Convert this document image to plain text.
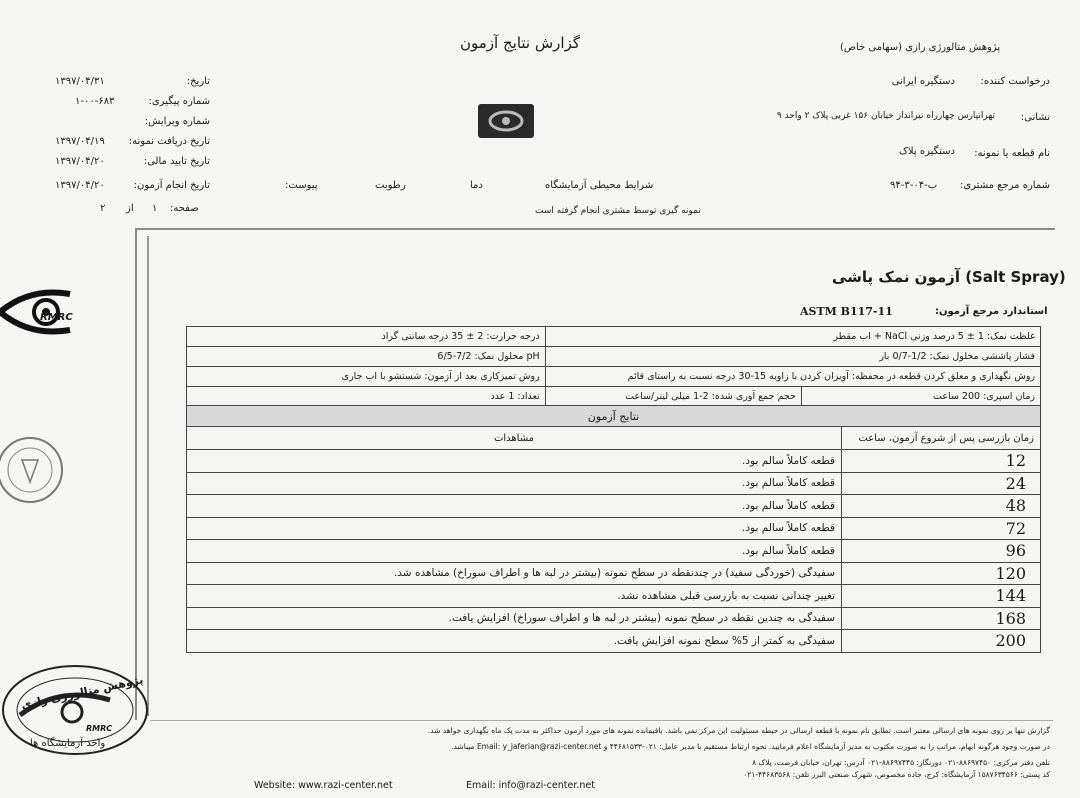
گزارش نتایج آزمون	پژوهش متالورژی رازی (سهامی خاص)
تاریخ:
۱۳۹۷/۰۴/۳۱
شماره پیگیری:
۱-۰۰-۶۸۳
شماره ویرایش:
تاریخ دریافت نمونه:
۱۳۹۷/۰۴/۱۹
تاریخ تایید مالی:
۱۳۹۷/۰۴/۲۰
تاریخ انجام آزمون:
۱۳۹۷/۰۴/۲۰
صفحه:
۱
از
۲
درخواست کننده:
دستگیره ایرانی
نشانی:
تهرانپارس چهارراه تیرانداز خیابان ۱۵۶ غربی پلاک ۲ واحد ۹
نام قطعه یا نمونه:
دستگیره پلاک
شماره مرجع مشتری:
۹۴-۳-ب-۰۴
شرایط محیطی آزمایشگاه
دما
رطوبت
پیوست:
نمونه گیری توسط مشتری انجام گرفته است
آزمون نمک پاشی (Salt Spray)
استاندارد مرجع آزمون:
ASTM B117-11
غلظت نمک: 1 ± 5 درصد وزنی NaCl + اب مقطر		درجه حرارت: 2 ± 35 درجه سانتی گراد
فشار پاششی محلول نمک: 1/2-0/7 بار		pH محلول نمک: 7/2-6/5
روش نگهداری و معلق کردن قطعه در محفظه: آویزان کردن با زاویه 15-30 درجه نسبت به راستای قائم		روش تمیزکاری بعد از آزمون: شستشو با اب جاری
زمان اسپری: 200 ساعت	حجم جمع آوری شده: 2-1 میلی لیتر/ساعت	تعداد: 1 عدد
نتایج آزمون	
زمان بازرسی پس از شروع آزمون، ساعت	مشاهدات
12	قطعه کاملاً سالم بود.
24	قطعه کاملاً سالم بود.
48	قطعه کاملاً سالم بود.
72	قطعه کاملاً سالم بود.
96	قطعه کاملاً سالم بود.
120	سفیدگی (خوردگی سفید) در چندنقطه در سطح نمونه (بیشتر در لبه ها و اطراف سوراخ) مشاهده شد.
144	تغییر چندانی نسبت به بازرسی قبلی مشاهده نشد.
168	سفیدگی به چندین نقطه در سطح نمونه (بیشتر در لبه ها و اطراف سوراخ) افزایش یافت.
200	سفیدگی به کمتر از 5% سطح نمونه افزایش یافت.
RMRC
پژوهش متالورژی رازی
RMRC
واحد آزمایشگاه ها
گزارش تنها بر روی نمونه های ارسالی معتبر است. تطابق نام نمونه با قطعه ارسالی در حیطه مسئولیت این مرکز نمی باشد. باقیمانده نمونه های مورد آزمون حداکثر به مدت یک ماه نگهداری خواهد شد.
در صورت وجود هرگونه ابهام، مراتب را به صورت مکتوب به مدیر آزمایشگاه اعلام فرمایید. نحوه ارتباط مستقیم با مدیر عامل: ۰۲۱-۴۴۶۸۱۵۳۳ و Email: y_jaferian@razi-center.net میباشد.
تلفن دفتر مرکزی: ۸۸۶۹۷۴۵۰-۰۲۱ دورنگار: ۸۸۶۹۷۴۴۵-۰۲۱ آدرس: تهران، خیابان فرصت، پلاک ۸
کد پستی: ۱۵۸۷۶۳۴۵۶۶ آزمایشگاه: کرج، جاده مخصوص، شهرک صنعتی البرز تلفن: ۴۴۶۸۳۵۶۸-۰۲۱
Website: www.razi-center.net	Email: info@razi-center.net
